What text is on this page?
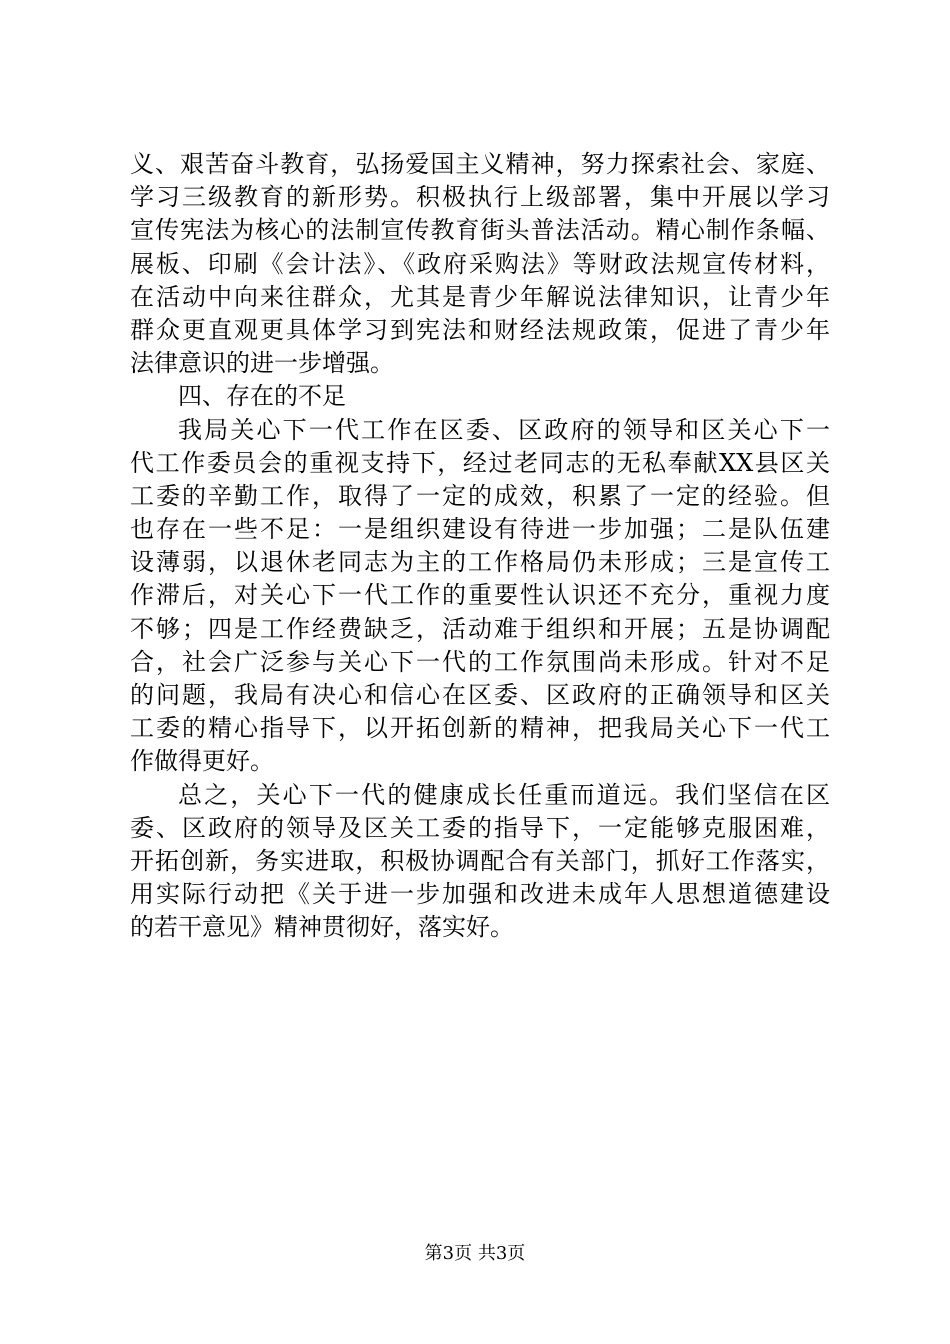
义、艰苦奋斗教育，弘扬爱国主义精神，努力探索社会、家庭、
学习三级教育的新形势。积极执行上级部署，集中开展以学习
宣传宪法为核心的法制宣传教育街头普法活动。精心制作条幅、
展板、印刷《会计法》、《政府采购法》等财政法规宣传材料，
在活动中向来往群众，尤其是青少年解说法律知识，让青少年
群众更直观更具体学习到宪法和财经法规政策，促进了青少年
法律意识的进一步增强。
四、存在的不足
我局关心下一代工作在区委、区政府的领导和区关心下一
代工作委员会的重视支持下，经过老同志的无私奉献XX县区关
工委的辛勤工作，取得了一定的成效，积累了一定的经验。但
也存在一些不足：一是组织建设有待进一步加强；二是队伍建
设薄弱，以退休老同志为主的工作格局仍未形成；三是宣传工
作滞后，对关心下一代工作的重要性认识还不充分，重视力度
不够；四是工作经费缺乏，活动难于组织和开展；五是协调配
合，社会广泛参与关心下一代的工作氛围尚未形成。针对不足
的问题，我局有决心和信心在区委、区政府的正确领导和区关
工委的精心指导下，以开拓创新的精神，把我局关心下一代工
作做得更好。
总之，关心下一代的健康成长任重而道远。我们坚信在区
委、区政府的领导及区关工委的指导下，一定能够克服困难，
开拓创新，务实进取，积极协调配合有关部门，抓好工作落实，
用实际行动把《关于进一步加强和改进未成年人思想道德建设
的若干意见》精神贯彻好，落实好。
第3页 共3页
